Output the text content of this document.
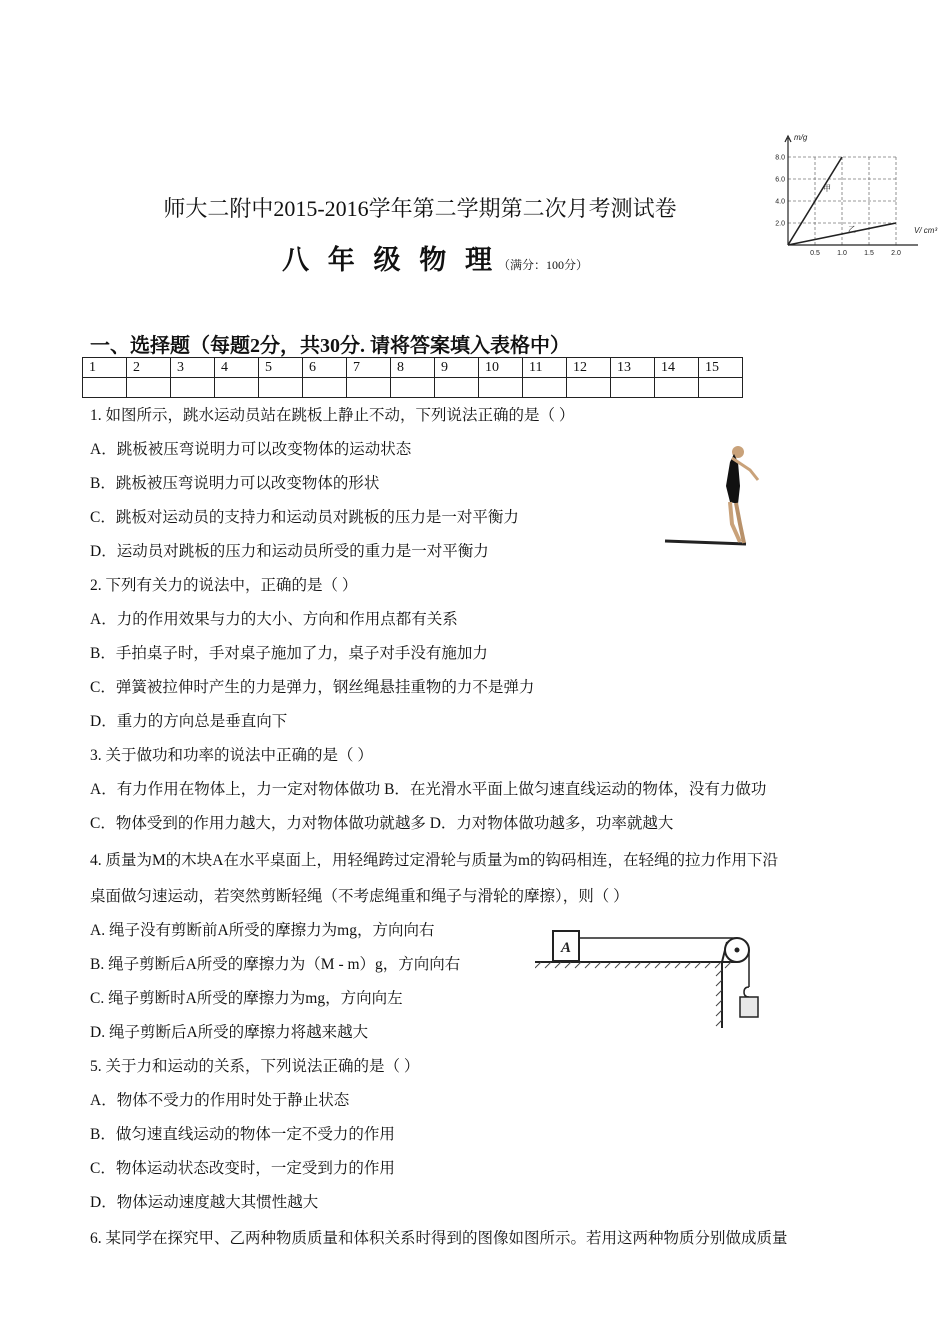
师大二附中2015-2016学年第二学期第二次月考测试卷
八 年 级 物 理（满分：100分）
0.5 1.0 1.5 2.0
2.0
4.0
6.0
8.0
m/g
V/ cm³
甲
乙
一、选择题（每题2分，共30分. 请将答案填入表格中）
1	2	3	4	5	6	7	8	9	10	11	12	13	14	15

1. 如图所示，跳水运动员站在跳板上静止不动，下列说法正确的是（ ）
A．跳板被压弯说明力可以改变物体的运动状态
B．跳板被压弯说明力可以改变物体的形状
C．跳板对运动员的支持力和运动员对跳板的压力是一对平衡力
D．运动员对跳板的压力和运动员所受的重力是一对平衡力
2. 下列有关力的说法中，正确的是（ ）
A．力的作用效果与力的大小、方向和作用点都有关系
B．手拍桌子时，手对桌子施加了力，桌子对手没有施加力
C．弹簧被拉伸时产生的力是弹力，钢丝绳悬挂重物的力不是弹力
D．重力的方向总是垂直向下
3. 关于做功和功率的说法中正确的是（ ）
A．有力作用在物体上，力一定对物体做功 B．在光滑水平面上做匀速直线运动的物体，没有力做功
C．物体受到的作用力越大，力对物体做功就越多 D．力对物体做功越多，功率就越大
4. 质量为M的木块A在水平桌面上，用轻绳跨过定滑轮与质量为m的钩码相连，在轻绳的拉力作用下沿
桌面做匀速运动，若突然剪断轻绳（不考虑绳重和绳子与滑轮的摩擦），则（ ）
A. 绳子没有剪断前A所受的摩擦力为mg，方向向右
B. 绳子剪断后A所受的摩擦力为（M - m）g，方向向右
C. 绳子剪断时A所受的摩擦力为mg，方向向左
D. 绳子剪断后A所受的摩擦力将越来越大
A
5. 关于力和运动的关系，下列说法正确的是（ ）
A．物体不受力的作用时处于静止状态
B．做匀速直线运动的物体一定不受力的作用
C．物体运动状态改变时，一定受到力的作用
D．物体运动速度越大其惯性越大
6. 某同学在探究甲、乙两种物质质量和体积关系时得到的图像如图所示。若用这两种物质分别做成质量
